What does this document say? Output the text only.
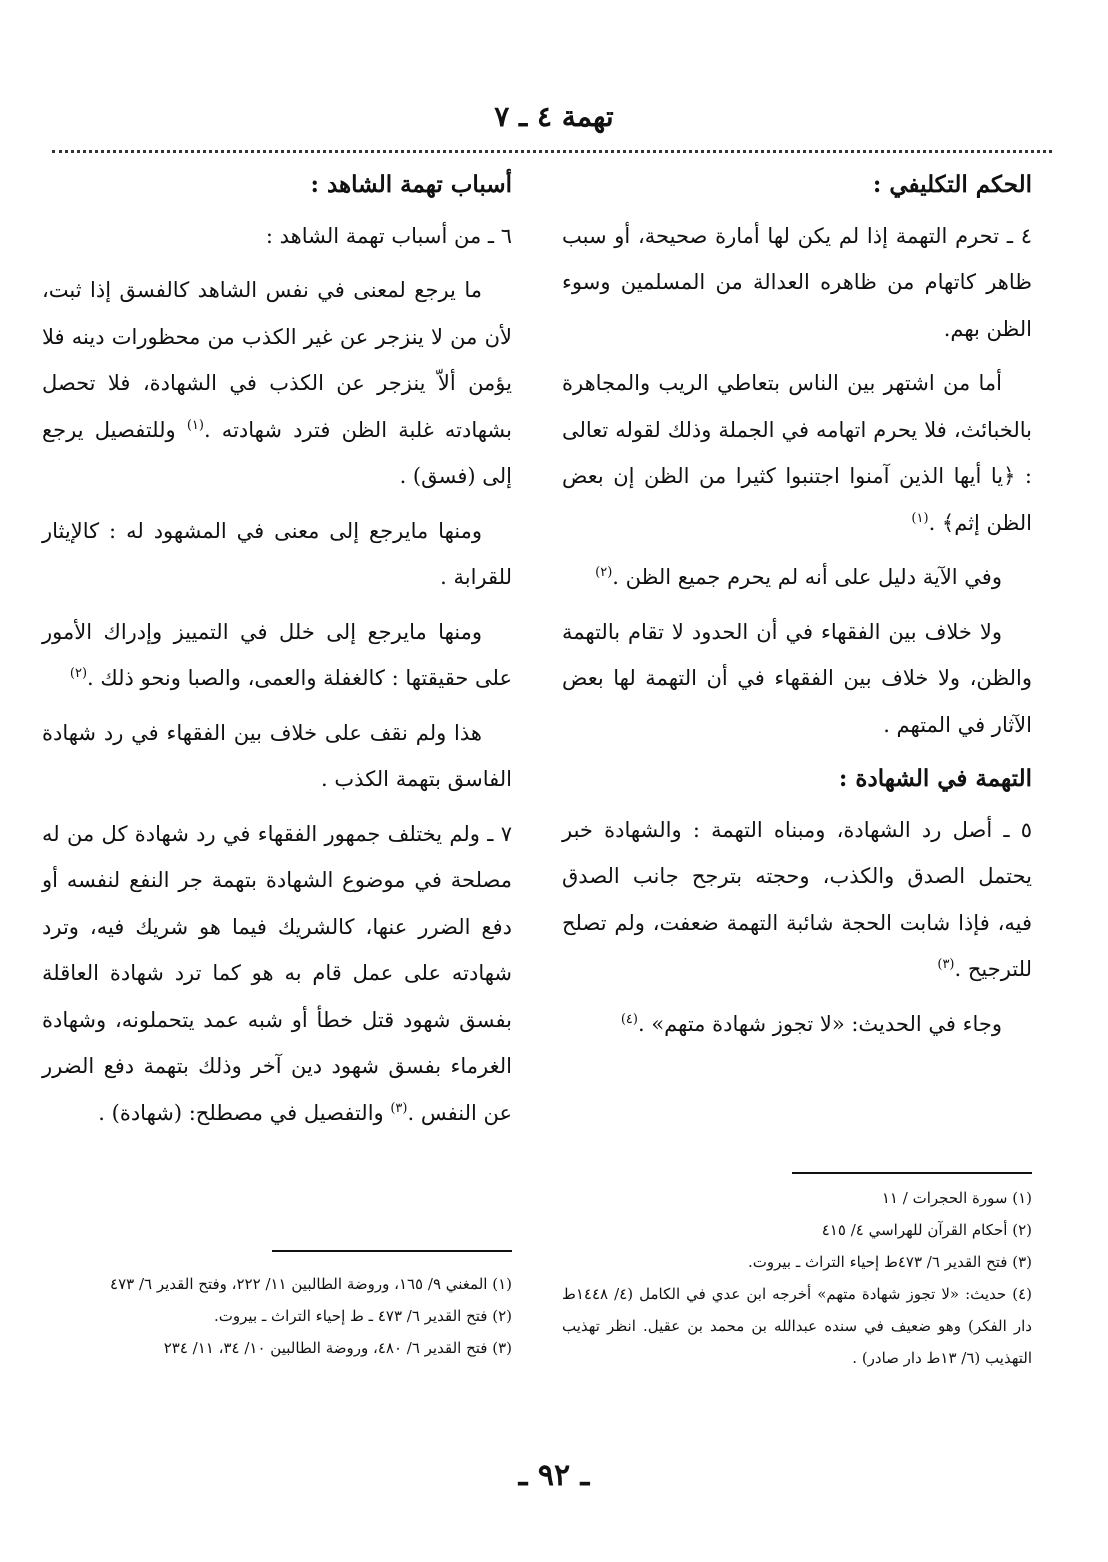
تهمة ٤ ـ ٧

الحكم التكليفي :

٤ ـ تحرم التهمة إذا لم يكن لها أمارة صحيحة، أو سبب ظاهر كاتهام من ظاهره العدالة من المسلمين وسوء الظن بهم.

أما من اشتهر بين الناس بتعاطي الريب والمجاهرة بالخبائث، فلا يحرم اتهامه في الجملة وذلك لقوله تعالى : ﴿يا أيها الذين آمنوا اجتنبوا كثيرا من الظن إن بعض الظن إثم﴾ .$^{(١)}$

وفي الآية دليل على أنه لم يحرم جميع الظن .$^{(٢)}$

ولا خلاف بين الفقهاء في أن الحدود لا تقام بالتهمة والظن، ولا خلاف بين الفقهاء في أن التهمة لها بعض الآثار في المتهم .

التهمة في الشهادة :

٥ ـ أصل رد الشهادة، ومبناه التهمة : والشهادة خبر يحتمل الصدق والكذب، وحجته بترجح جانب الصدق فيه، فإذا شابت الحجة شائبة التهمة ضعفت، ولم تصلح للترجيح .$^{(٣)}$

وجاء في الحديث: «لا تجوز شهادة متهم» .$^{(٤)}$

أسباب تهمة الشاهد :

٦ ـ من أسباب تهمة الشاهد :

ما يرجع لمعنى في نفس الشاهد كالفسق إذا ثبت، لأن من لا ينزجر عن غير الكذب من محظورات دينه فلا يؤمن ألاّ ينزجر عن الكذب في الشهادة، فلا تحصل بشهادته غلبة الظن فترد شهادته .$^{(١)}$ وللتفصيل يرجع إلى (فسق) .

ومنها مايرجع إلى معنى في المشهود له : كالإيثار للقرابة .

ومنها مايرجع إلى خلل في التمييز وإدراك الأمور على حقيقتها : كالغفلة والعمى، والصبا ونحو ذلك .$^{(٢)}$

هذا ولم نقف على خلاف بين الفقهاء في رد شهادة الفاسق بتهمة الكذب .

٧ ـ ولم يختلف جمهور الفقهاء في رد شهادة كل من له مصلحة في موضوع الشهادة بتهمة جر النفع لنفسه أو دفع الضرر عنها، كالشريك فيما هو شريك فيه، وترد شهادته على عمل قام به هو كما ترد شهادة العاقلة بفسق شهود قتل خطأ أو شبه عمد يتحملونه، وشهادة الغرماء بفسق شهود دين آخر وذلك بتهمة دفع الضرر عن النفس .$^{(٣)}$ والتفصيل في مصطلح: (شهادة) .

(١) سورة الحجرات / ١١

(٢) أحكام القرآن للهراسي ٤/ ٤١٥

(٣) فتح القدير ٦/ ٤٧٣ط إحياء التراث ـ بيروت.

(٤) حديث: «لا تجوز شهادة متهم» أخرجه ابن عدي في الكامل (٤/ ١٤٤٨ط دار الفكر) وهو ضعيف في سنده عبدالله بن محمد بن عقيل. انظر تهذيب التهذيب (٦/ ١٣ط دار صادر) .

(١) المغني ٩/ ١٦٥، وروضة الطالبين ١١/ ٢٢٢، وفتح القدير ٦/ ٤٧٣

(٢) فتح القدير ٦/ ٤٧٣ ـ ط إحياء التراث ـ بيروت.

(٣) فتح القدير ٦/ ٤٨٠، وروضة الطالبين ١٠/ ٣٤، ١١/ ٢٣٤

ـ ٩٢ ـ
